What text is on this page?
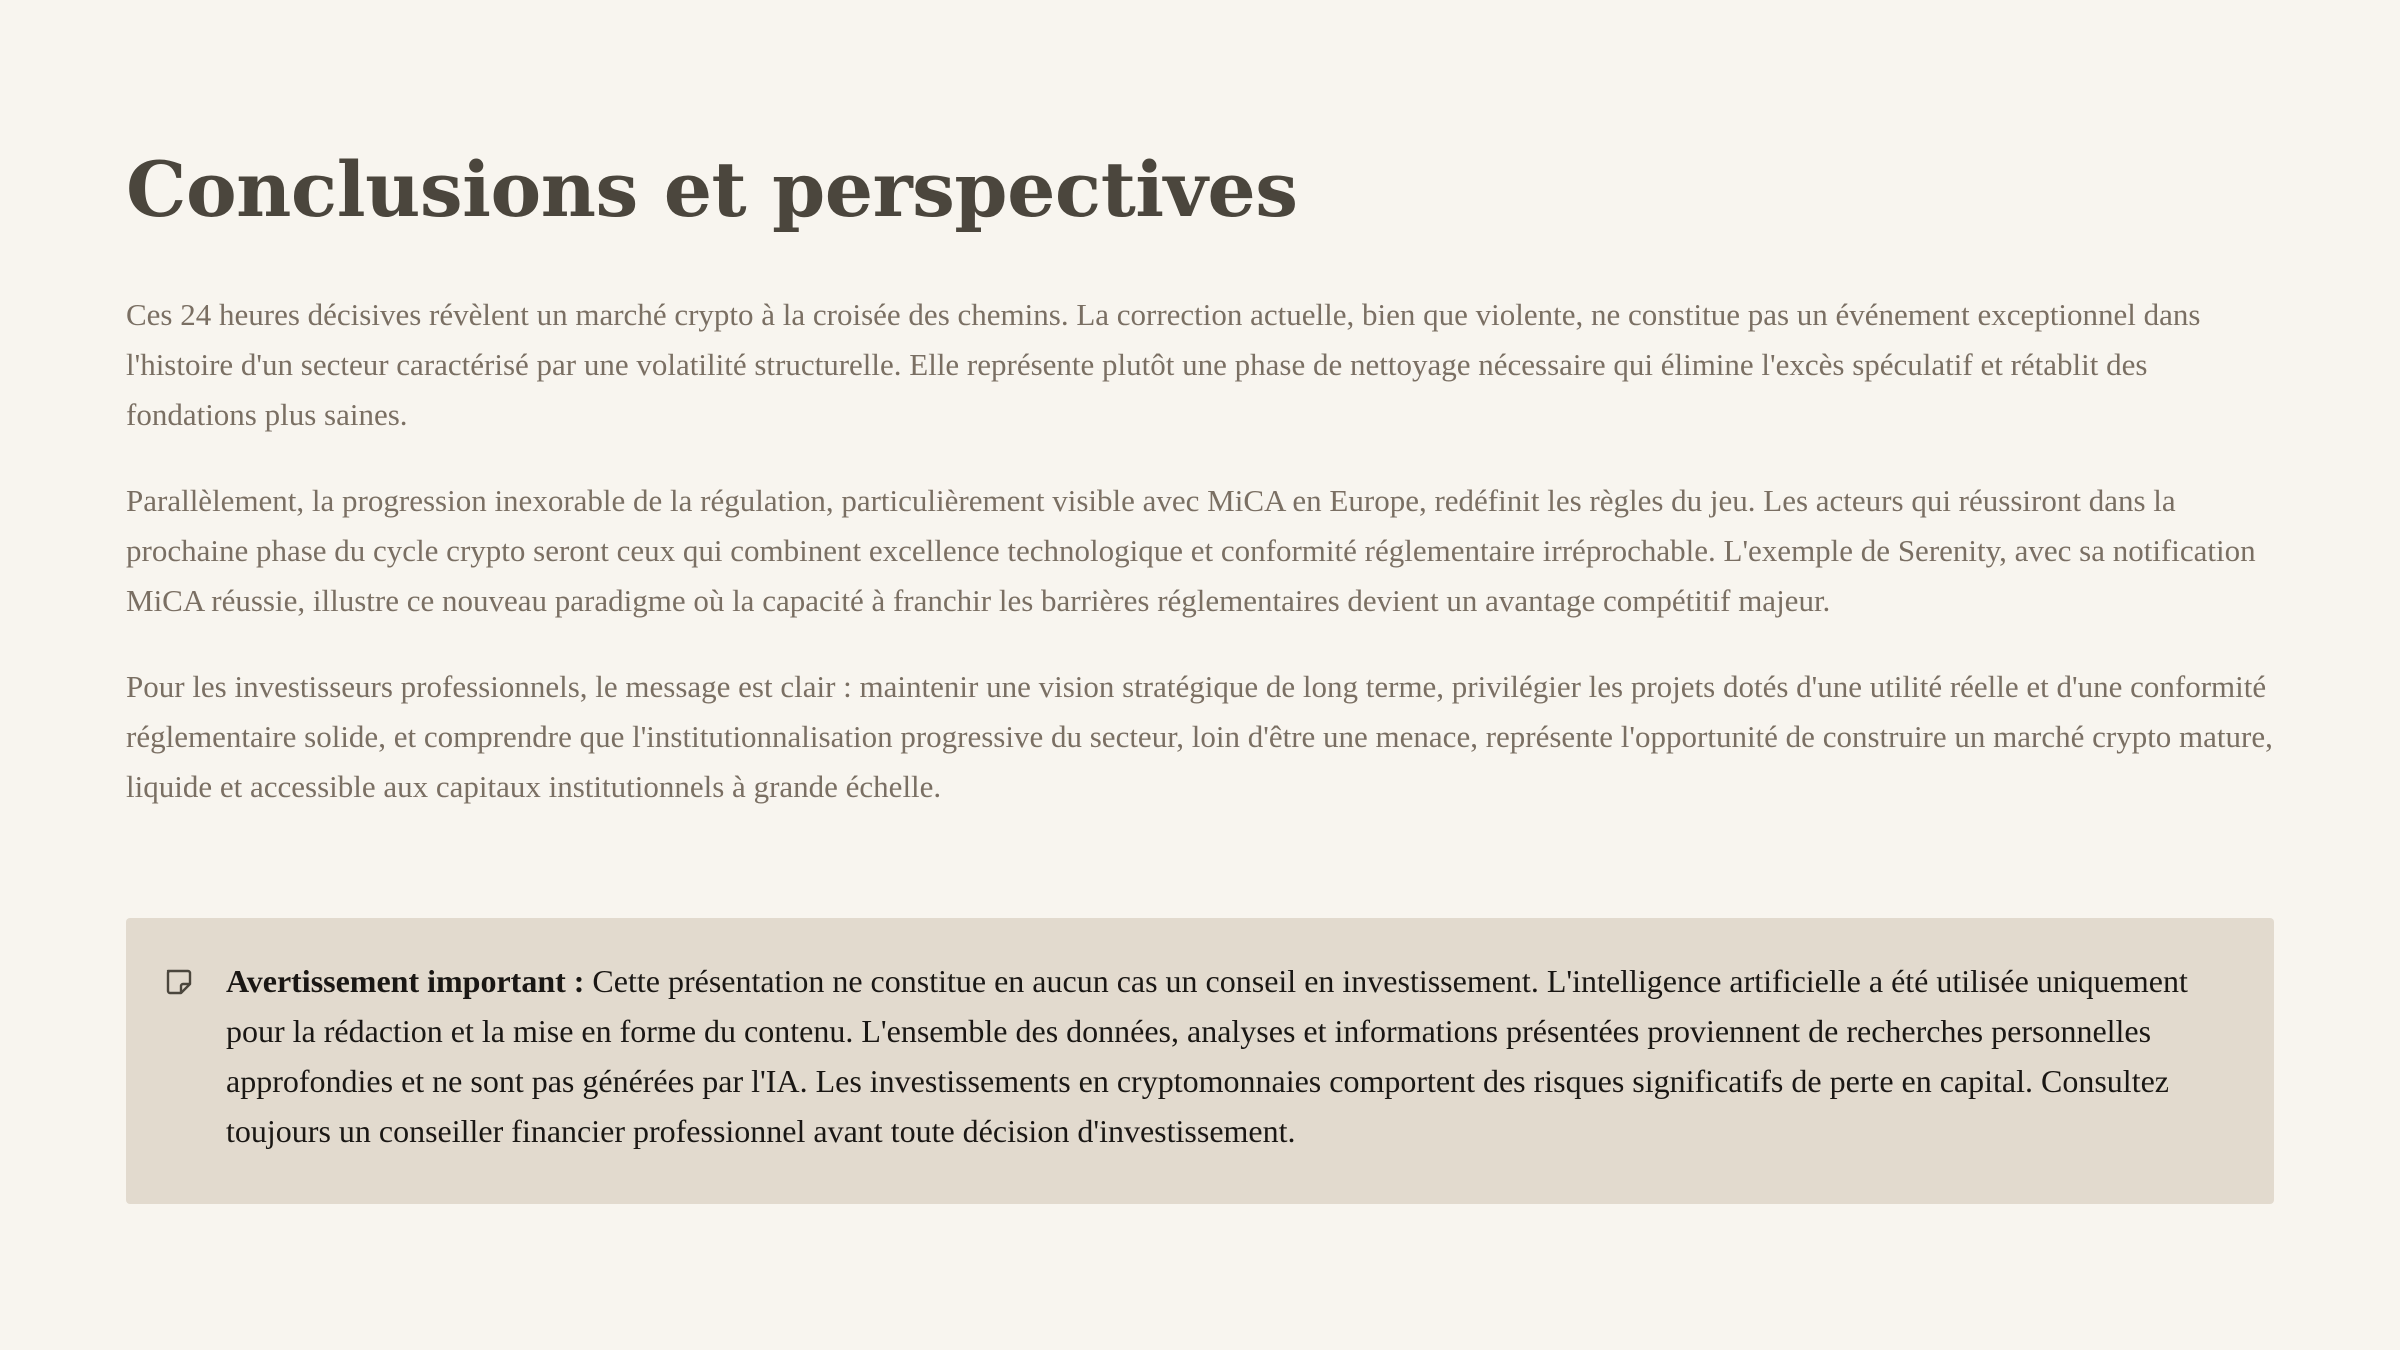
Conclusions et perspectives

Ces 24 heures décisives révèlent un marché crypto à la croisée des chemins. La correction actuelle, bien que violente, ne constitue pas un événement exceptionnel dans l'histoire d'un secteur caractérisé par une volatilité structurelle. Elle représente plutôt une phase de nettoyage nécessaire qui élimine l'excès spéculatif et rétablit des fondations plus saines.

Parallèlement, la progression inexorable de la régulation, particulièrement visible avec MiCA en Europe, redéfinit les règles du jeu. Les acteurs qui réussiront dans la prochaine phase du cycle crypto seront ceux qui combinent excellence technologique et conformité réglementaire irréprochable. L'exemple de Serenity, avec sa notification MiCA réussie, illustre ce nouveau paradigme où la capacité à franchir les barrières réglementaires devient un avantage compétitif majeur.

Pour les investisseurs professionnels, le message est clair : maintenir une vision stratégique de long terme, privilégier les projets dotés d'une utilité réelle et d'une conformité réglementaire solide, et comprendre que l'institutionnalisation progressive du secteur, loin d'être une menace, représente l'opportunité de construire un marché crypto mature, liquide et accessible aux capitaux institutionnels à grande échelle.

Avertissement important : Cette présentation ne constitue en aucun cas un conseil en investissement. L'intelligence artificielle a été utilisée uniquement pour la rédaction et la mise en forme du contenu. L'ensemble des données, analyses et informations présentées proviennent de recherches personnelles approfondies et ne sont pas générées par l'IA. Les investissements en cryptomonnaies comportent des risques significatifs de perte en capital. Consultez toujours un conseiller financier professionnel avant toute décision d'investissement.
